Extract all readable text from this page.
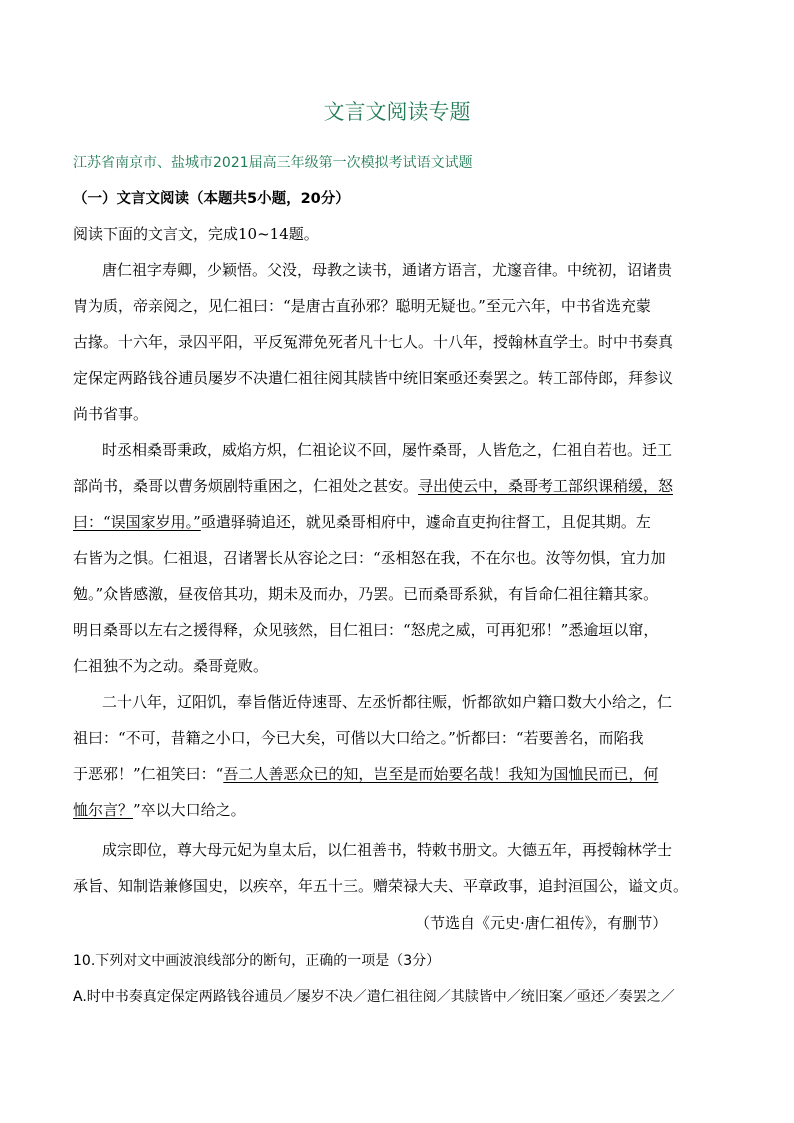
文言文阅读专题
江苏省南京市、盐城市2021届高三年级第一次模拟考试语文试题
（一）文言文阅读（本题共5小题，20分）
阅读下面的文言文，完成10~14题。
唐仁祖字寿卿，少颖悟。父没，母教之读书，通诸方语言，尤邃音律。中统初，诏诸贵
冑为质，帝亲阅之，见仁祖曰：“是唐古直孙邪？聪明无疑也。”至元六年，中书省选充蒙
古掾。十六年，录囚平阳，平反冤滞免死者凡十七人。十八年，授翰林直学士。时中书奏真
定保定两路钱谷逋员屡岁不决遣仁祖往阅其牍皆中统旧案亟还奏罢之。转工部侍郎，拜参议
尚书省事。
时丞相桑哥秉政，威焰方炽，仁祖论议不回，屡忤桑哥，人皆危之，仁祖自若也。迁工
部尚书，桑哥以曹务烦剧特重困之，仁祖处之甚安。寻出使云中，桑哥考工部织课稍缓，怒
曰：“误国家岁用。”亟遣驿骑追还，就见桑哥相府中，遽命直吏拘往督工，且促其期。左
右皆为之惧。仁祖退，召诸署长从容论之曰：“丞相怒在我，不在尔也。汝等勿惧，宜力加
勉。”众皆感激，昼夜倍其功，期未及而办，乃罢。已而桑哥系狱，有旨命仁祖往籍其家。
明日桑哥以左右之援得释，众见骇然，目仁祖曰：“怒虎之威，可再犯邪！”悉逾垣以窜，
仁祖独不为之动。桑哥竟败。
二十八年，辽阳饥，奉旨偕近侍速哥、左丞忻都往赈，忻都欲如户籍口数大小给之，仁
祖曰：“不可，昔籍之小口，今已大矣，可偕以大口给之。”忻都曰：“若要善名，而陷我
于恶邪！”仁祖笑曰：“吾二人善恶众已的知，岂至是而始要名哉！我知为国恤民而已，何
恤尔言？”卒以大口给之。
成宗即位，尊大母元妃为皇太后，以仁祖善书，特敕书册文。大德五年，再授翰林学士
承旨、知制诰兼修国史，以疾卒，年五十三。赠荣禄大夫、平章政事，追封洹国公，谥文贞。
（节选自《元史·唐仁祖传》，有删节）
10.下列对文中画波浪线部分的断句，正确的一项是（3分）
A.时中书奏真定保定两路钱谷逋员／屡岁不决／遣仁祖往阅／其牍皆中／统旧案／亟还／奏罢之／
